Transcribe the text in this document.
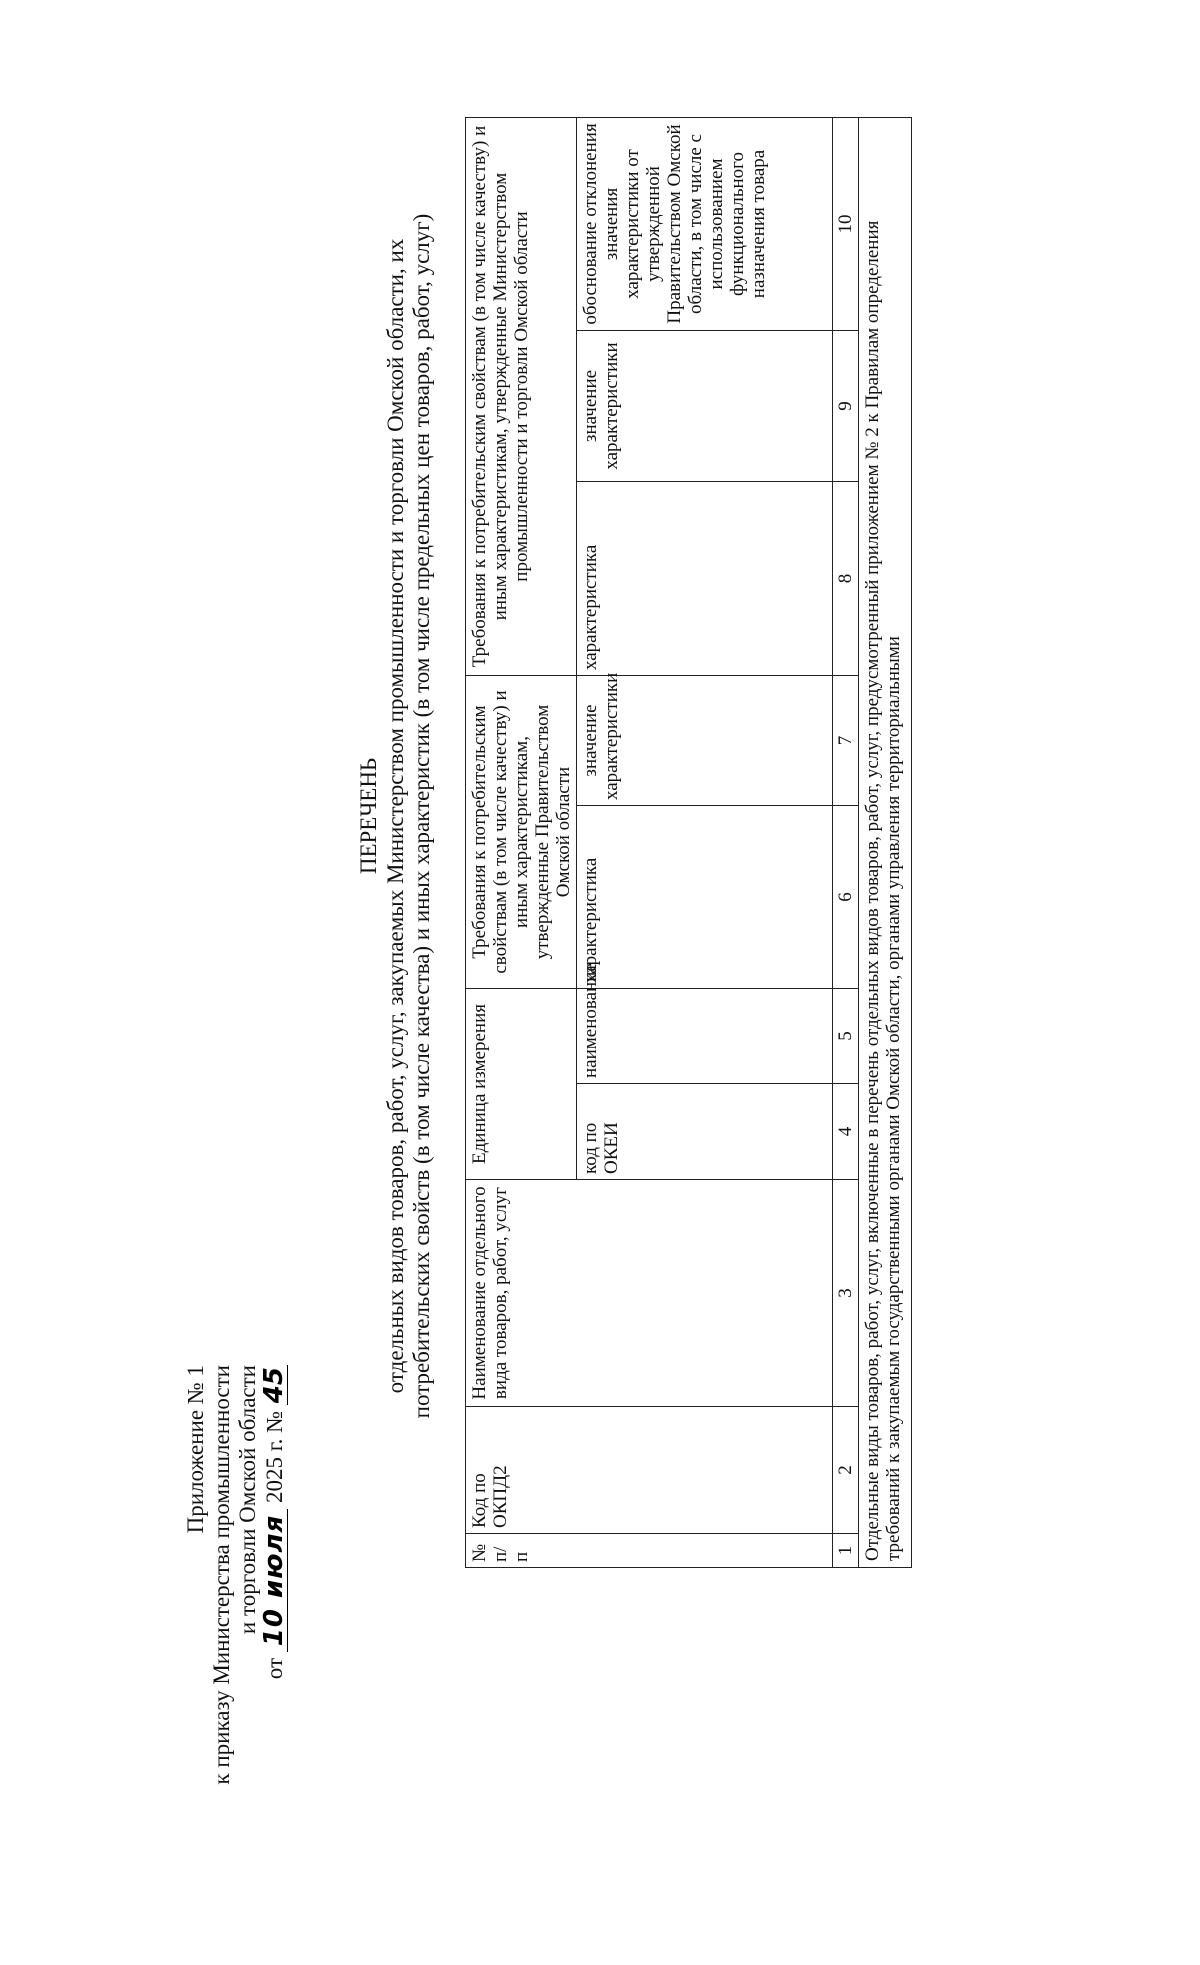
Приложение № 1 к приказу Министерства промышленности и торговли Омской области
от 10 июля 2025 г. № 45
ПЕРЕЧЕНЬ отдельных видов товаров, работ, услуг, закупаемых Министерством промышленности и торговли Омской области, их потребительских свойств (в том числе качества) и иных характеристик (в том числе предельных цен товаров, работ, услуг)
№ п/п	Код по ОКПД2	Наименование отдельного вида товаров, работ, услуг	Единица измерения		Требования к потребительским свойствам (в том числе качеству) и иным характеристикам, утвержденные Правительством Омской области		Требования к потребительским свойствам (в том числе качеству) и иным характеристикам, утвержденные Министерством промышленности и торговли Омской области		
			код по ОКЕИ	наименование	характеристика	значение характеристики	характеристика	значение характеристики	обоснование отклонения значения характеристики от утвержденной Правительством Омской области, в том числе с использованием функционального назначения товара
1	2	3	4	5	6	7	8	9	10
Отдельные виды товаров, работ, услуг, включенные в перечень отдельных видов товаров, работ, услуг, предусмотренный приложением № 2 к Правилам определения требований к закупаемым государственными органами Омской области, органами управления территориальными									
